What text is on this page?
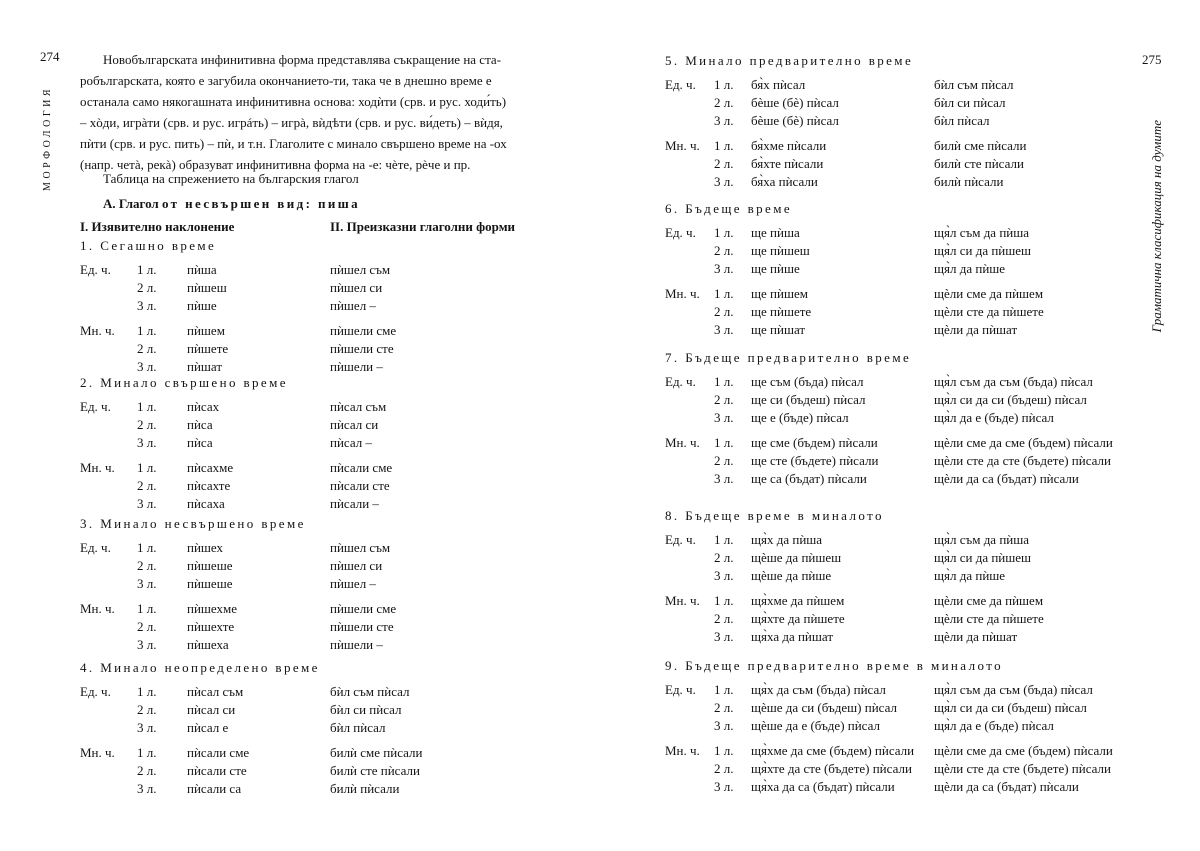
274
МОРФОЛОГИЯ

Новобългарската инфинитивна форма представлява съкращение на ста-

робългарската, която е загубила окончанието-ти, така че в днешно време е

останала само някогашната инфинитивна основа: ходѝти (срв. и рус. ходи́ть)

– хòди, игрàти (срв. и рус. игрáть) – игрà, вѝдѣти (срв. и рус. ви́деть) – вѝдя,

пѝти (срв. и рус. пить) – пѝ, и т.н. Глаголите с минало свършено време на -ох

(напр. четà, рекà) образуват инфинитивна форма на -е: чèте, рèче и пр.

Таблица на спрежението на българския глагол
А. Глагол от несвършен вид: пиша
I. Изявително наклонение	II. Преизказни глаголни форми
1. Сегашно време
Ед. ч. 1 л. пѝша	пѝшел съм
2 л. пѝшеш	пѝшел си
3 л. пѝше	пѝшел –
Мн. ч. 1 л. пѝшем	пѝшели сме
2 л. пѝшете	пѝшели сте
3 л. пѝшат	пѝшели –
2. Минало свършено време
Ед. ч. 1 л. пѝсах	пѝсал съм
2 л. пѝса	пѝсал си
3 л. пѝса	пѝсал –
Мн. ч. 1 л. пѝсахме	пѝсали сме
2 л. пѝсахте	пѝсали сте
3 л. пѝсаха	пѝсали –
3. Минало несвършено време
Ед. ч. 1 л. пѝшех	пѝшел съм
2 л. пѝшеше	пѝшел си
3 л. пѝшеше	пѝшел –
Мн. ч. 1 л. пѝшехме	пѝшели сме
2 л. пѝшехте	пѝшели сте
3 л. пѝшеха	пѝшели –
4. Минало неопределено време
Ед. ч. 1 л. пѝсал съм	бѝл съм пѝсал
2 л. пѝсал си	бѝл си пѝсал
3 л. пѝсал е	бѝл пѝсал
Мн. ч. 1 л. пѝсали сме	билѝ сме пѝсали
2 л. пѝсали сте	билѝ сте пѝсали
3 л. пѝсали са	билѝ пѝсали
275
Граматична класификация на думите
5. Минало предварително време
Ед. ч. 1 л. бя̀х пѝсал	бѝл съм пѝсал
2 л. бѐше (бѐ) пѝсал	бѝл си пѝсал
3 л. бѐше (бѐ) пѝсал	бѝл пѝсал
Мн. ч. 1 л. бя̀хме пѝсали	билѝ сме пѝсали
2 л. бя̀хте пѝсали	билѝ сте пѝсали
3 л. бя̀ха пѝсали	билѝ пѝсали
6. Бъдеще време
Ед. ч. 1 л. ще пѝша	щя̀л съм да пѝша
2 л. ще пѝшеш	щя̀л си да пѝшеш
3 л. ще пѝше	щя̀л да пѝше
Мн. ч. 1 л. ще пѝшем	щѐли сме да пѝшем
2 л. ще пѝшете	щѐли сте да пѝшете
3 л. ще пѝшат	щѐли да пѝшат
7. Бъдеще предварително време
Ед. ч. 1 л. ще съм (бъда) пѝсал	щя̀л съм да съм (бъда) пѝсал
2 л. ще си (бъдеш) пѝсал	щя̀л си да си (бъдеш) пѝсал
3 л. ще е (бъде) пѝсал	щя̀л да е (бъде) пѝсал
Мн. ч. 1 л. ще сме (бъдем) пѝсали	щѐли сме да сме (бъдем) пѝсали
2 л. ще сте (бъдете) пѝсали	щѐли сте да сте (бъдете) пѝсали
3 л. ще са (бъдат) пѝсали	щѐли да са (бъдат) пѝсали
8. Бъдеще време в миналото
Ед. ч. 1 л. щя̀х да пѝша	щя̀л съм да пѝша
2 л. щѐше да пѝшеш	щя̀л си да пѝшеш
3 л. щѐше да пѝше	щя̀л да пѝше
Мн. ч. 1 л. щя̀хме да пѝшем	щѐли сме да пѝшем
2 л. щя̀хте да пѝшете	щѐли сте да пѝшете
3 л. щя̀ха да пѝшат	щѐли да пѝшат
9. Бъдеще предварително време в миналото
Ед. ч. 1 л. щя̀х да съм (бъда) пѝсал	щя̀л съм да съм (бъда) пѝсал
2 л. щѐше да си (бъдеш) пѝсал	щя̀л си да си (бъдеш) пѝсал
3 л. щѐше да е (бъде) пѝсал	щя̀л да е (бъде) пѝсал
Мн. ч. 1 л. щя̀хме да сме (бъдем) пѝсали щѐли сме да сме (бъдем) пѝсали
2 л. щя̀хте да сте (бъдете) пѝсали щѐли сте да сте (бъдете) пѝсали
3 л. щя̀ха да са (бъдат) пѝсали	щѐли да са (бъдат) пѝсали
